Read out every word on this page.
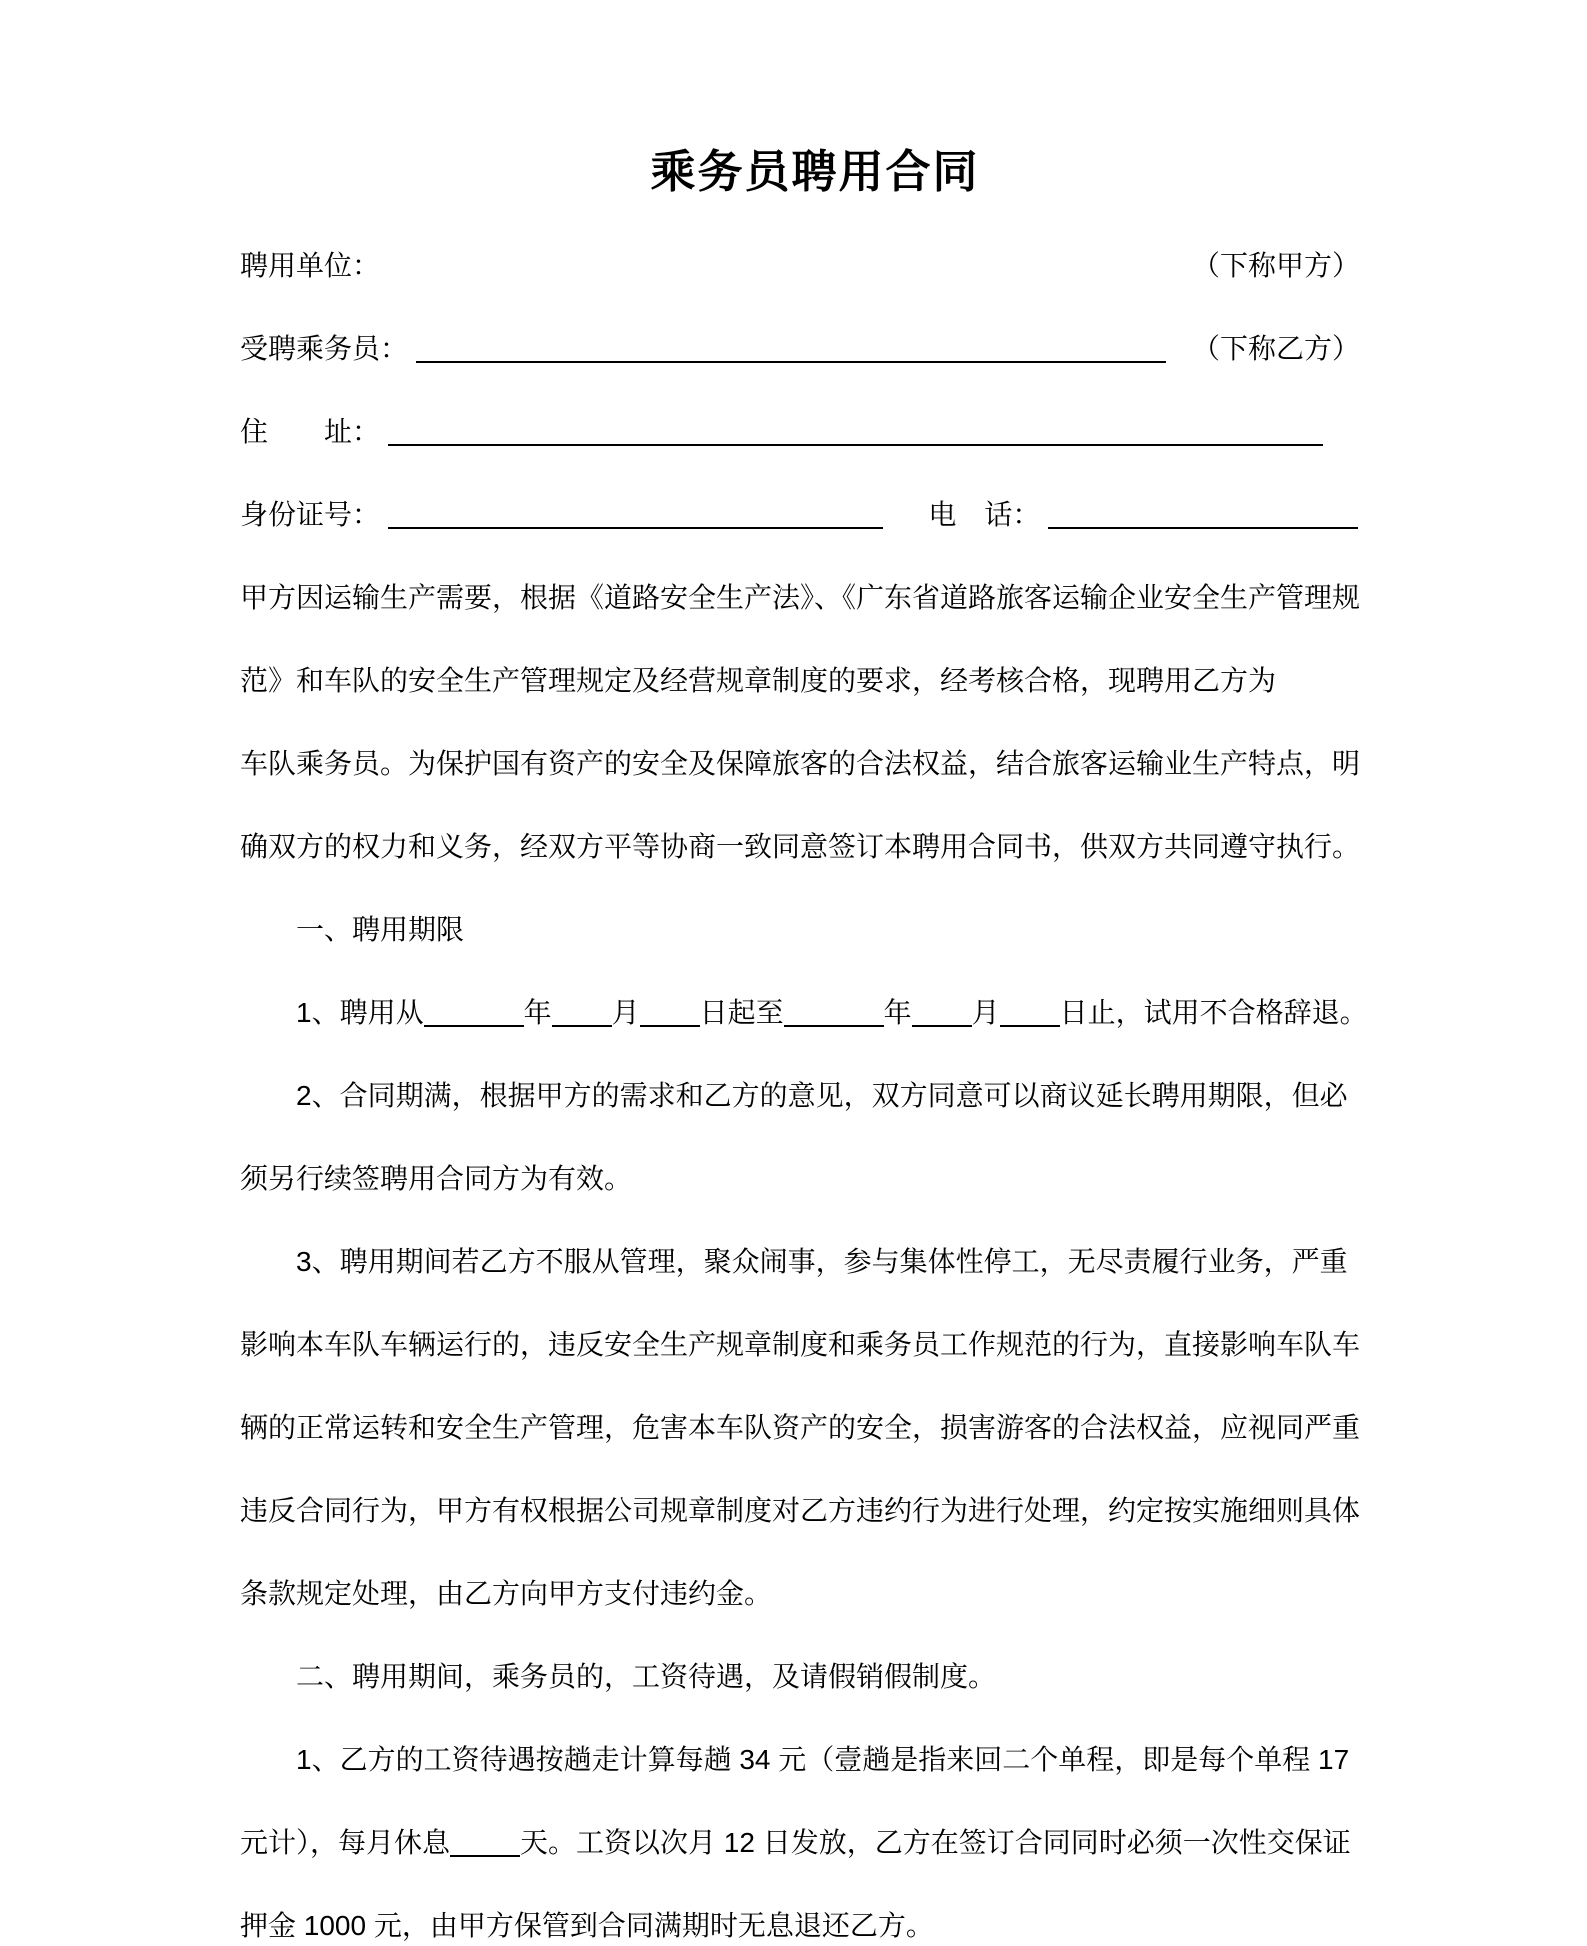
乘务员聘用合同
聘用单位：	（下称甲方）
受聘乘务员：	（下称乙方）
住　　址：
身份证号：	电　话：
甲方因运输生产需要，根据《道路安全生产法》、《广东省道路旅客运输企业安全生产管理规
范》和车队的安全生产管理规定及经营规章制度的要求，经考核合格，现聘用乙方为
车队乘务员。为保护国有资产的安全及保障旅客的合法权益，结合旅客运输业生产特点，明
确双方的权力和义务，经双方平等协商一致同意签订本聘用合同书，供双方共同遵守执行。
一、聘用期限
1、聘用从	年 月 日起至	年 月 日止，试用不合格辞退。
2、合同期满，根据甲方的需求和乙方的意见，双方同意可以商议延长聘用期限，但必
须另行续签聘用合同方为有效。
3、聘用期间若乙方不服从管理，聚众闹事，参与集体性停工，无尽责履行业务，严重
影响本车队车辆运行的，违反安全生产规章制度和乘务员工作规范的行为，直接影响车队车
辆的正常运转和安全生产管理，危害本车队资产的安全，损害游客的合法权益，应视同严重
违反合同行为，甲方有权根据公司规章制度对乙方违约行为进行处理，约定按实施细则具体
条款规定处理，由乙方向甲方支付违约金。
二、聘用期间，乘务员的，工资待遇，及请假销假制度。
1、乙方的工资待遇按趟走计算每趟 34 元（壹趟是指来回二个单程，即是每个单程 17
元计），每月休息	天。工资以次月 12 日发放，乙方在签订合同同时必须一次性交保证
押金 1000 元，由甲方保管到合同满期时无息退还乙方。
